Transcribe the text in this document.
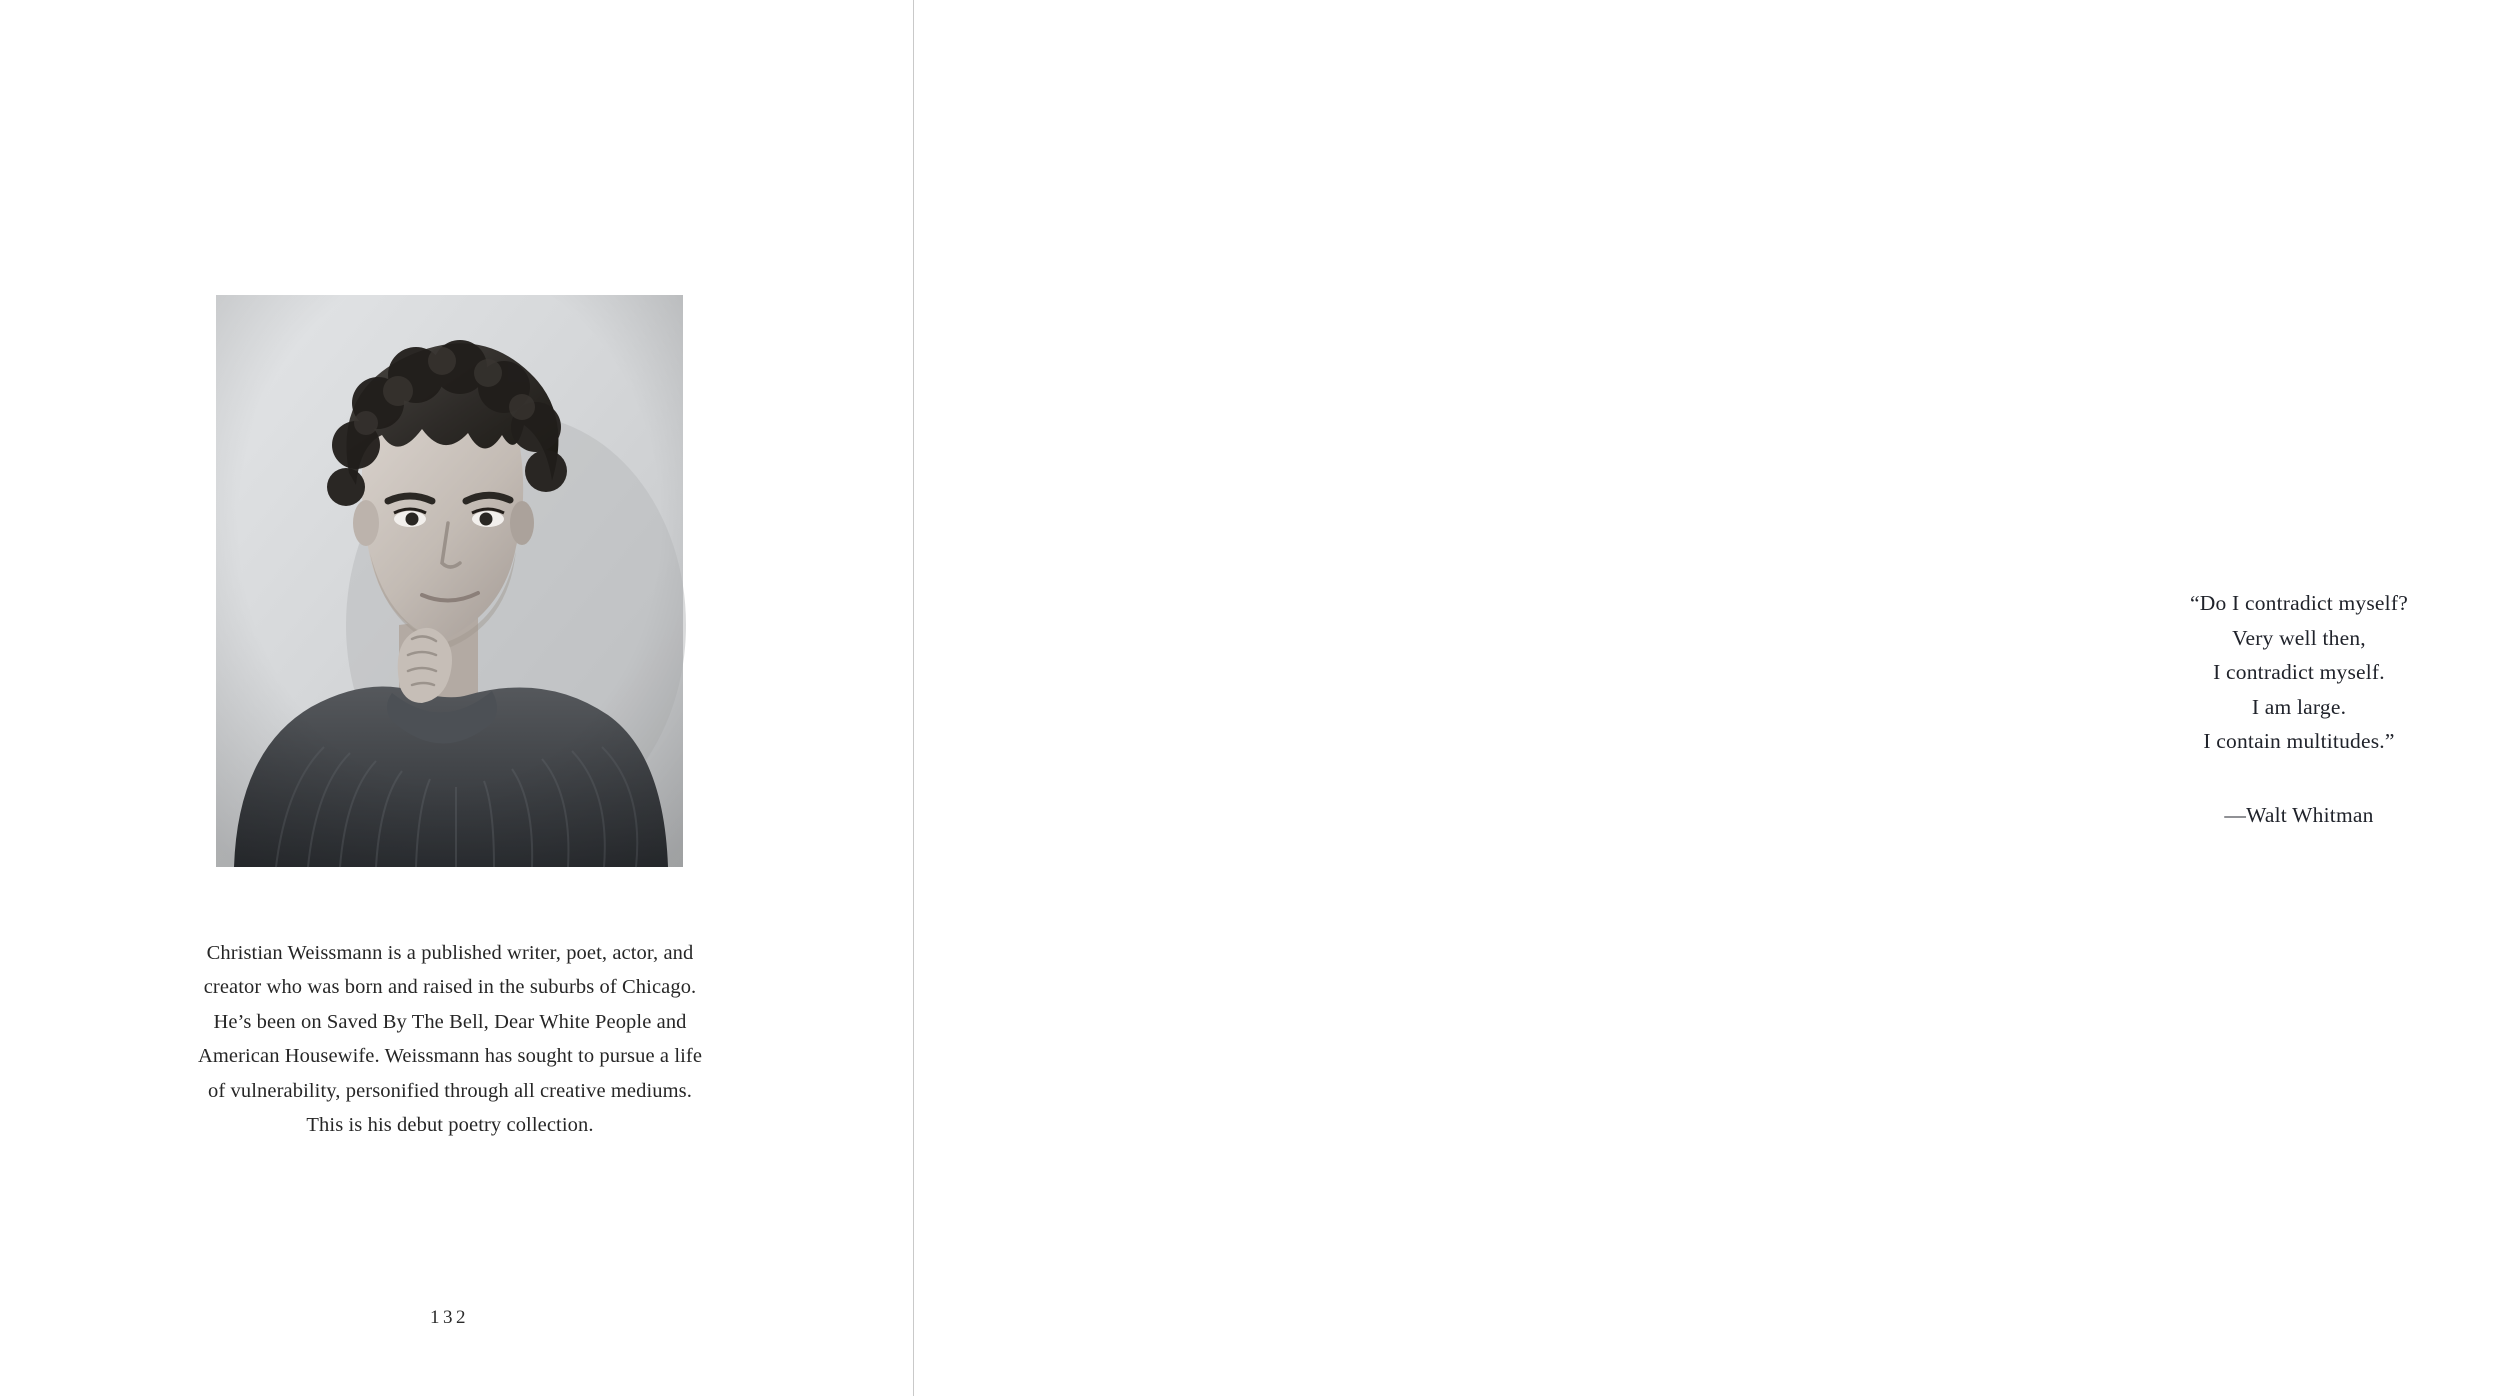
Christian Weissmann is a published writer, poet, actor, and creator who was born and raised in the suburbs of Chicago. He’s been on Saved By The Bell, Dear White People and American Housewife. Weissmann has sought to pursue a life of vulnerability, personified through all creative mediums. This is his debut poetry collection.

132
“Do I contradict myself?
Very well then,
I contradict myself.
I am large.
I contain multitudes.”
—Walt Whitman
